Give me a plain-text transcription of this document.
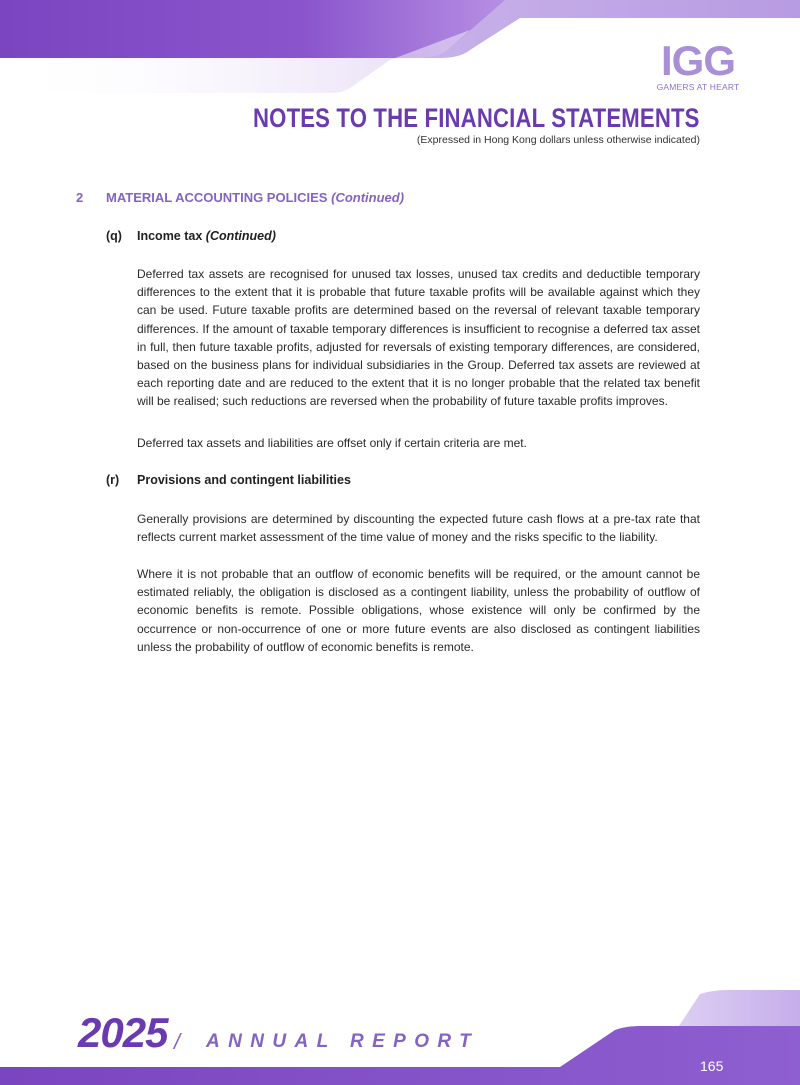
IGG
GAMERS AT HEART
NOTES TO THE FINANCIAL STATEMENTS
(Expressed in Hong Kong dollars unless otherwise indicated)
2 MATERIAL ACCOUNTING POLICIES (Continued)
(q) Income tax (Continued)

Deferred tax assets are recognised for unused tax losses, unused tax credits and deductible temporary differences to the extent that it is probable that future taxable profits will be available against which they can be used. Future taxable profits are determined based on the reversal of relevant taxable temporary differences. If the amount of taxable temporary differences is insufficient to recognise a deferred tax asset in full, then future taxable profits, adjusted for reversals of existing temporary differences, are considered, based on the business plans for individual subsidiaries in the Group. Deferred tax assets are reviewed at each reporting date and are reduced to the extent that it is no longer probable that the related tax benefit will be realised; such reductions are reversed when the probability of future taxable profits improves.

Deferred tax assets and liabilities are offset only if certain criteria are met.

(r) Provisions and contingent liabilities

Generally provisions are determined by discounting the expected future cash flows at a pre-tax rate that reflects current market assessment of the time value of money and the risks specific to the liability.

Where it is not probable that an outflow of economic benefits will be required, or the amount cannot be estimated reliably, the obligation is disclosed as a contingent liability, unless the probability of outflow of economic benefits is remote. Possible obligations, whose existence will only be confirmed by the occurrence or non-occurrence of one or more future events are also disclosed as contingent liabilities unless the probability of outflow of economic benefits is remote.

2025 / ANNUAL REPORT
165
